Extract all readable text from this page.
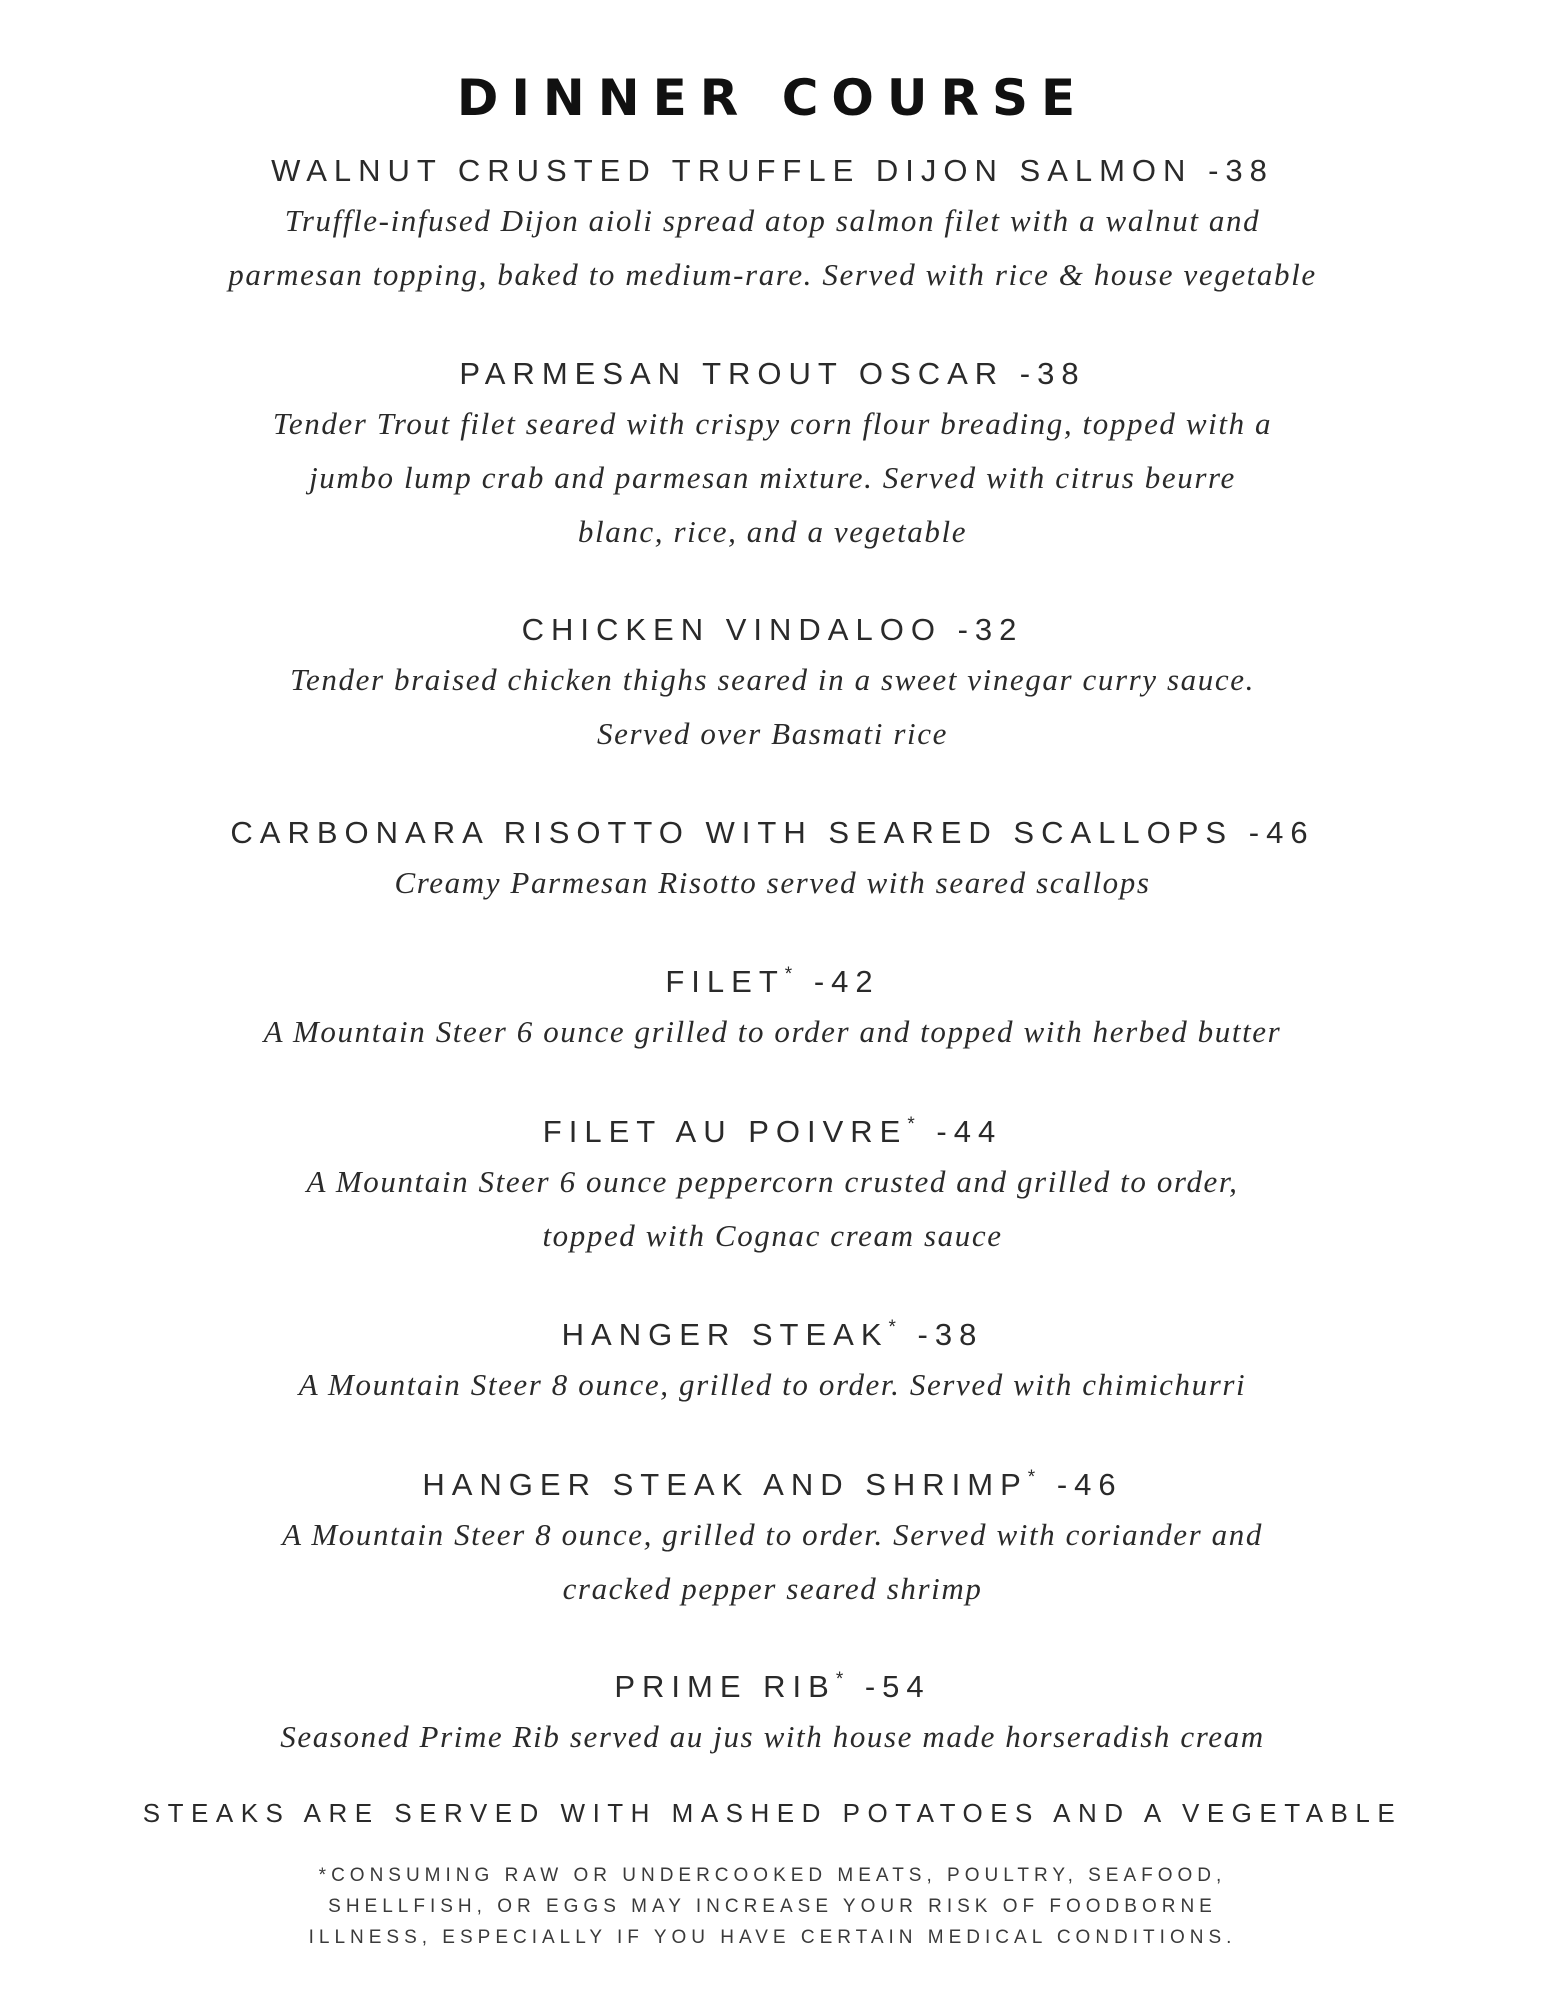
DINNER COURSE

WALNUT CRUSTED TRUFFLE DIJON SALMON -38

Truffle-infused Dijon aioli spread atop salmon filet with a walnut and
parmesan topping, baked to medium-rare. Served with rice & house vegetable

PARMESAN TROUT OSCAR -38

Tender Trout filet seared with crispy corn flour breading, topped with a
jumbo lump crab and parmesan mixture. Served with citrus beurre
blanc, rice, and a vegetable

CHICKEN VINDALOO -32

Tender braised chicken thighs seared in a sweet vinegar curry sauce.
Served over Basmati rice

CARBONARA RISOTTO WITH SEARED SCALLOPS -46

Creamy Parmesan Risotto served with seared scallops

FILET* -42

A Mountain Steer 6 ounce grilled to order and topped with herbed butter

FILET AU POIVRE* -44

A Mountain Steer 6 ounce peppercorn crusted and grilled to order,
topped with Cognac cream sauce

HANGER STEAK* -38

A Mountain Steer 8 ounce, grilled to order. Served with chimichurri

HANGER STEAK AND SHRIMP* -46

A Mountain Steer 8 ounce, grilled to order. Served with coriander and
cracked pepper seared shrimp

PRIME RIB* -54

Seasoned Prime Rib served au jus with house made horseradish cream

STEAKS ARE SERVED WITH MASHED POTATOES AND A VEGETABLE

*CONSUMING RAW OR UNDERCOOKED MEATS, POULTRY, SEAFOOD,
SHELLFISH, OR EGGS MAY INCREASE YOUR RISK OF FOODBORNE
ILLNESS, ESPECIALLY IF YOU HAVE CERTAIN MEDICAL CONDITIONS.
